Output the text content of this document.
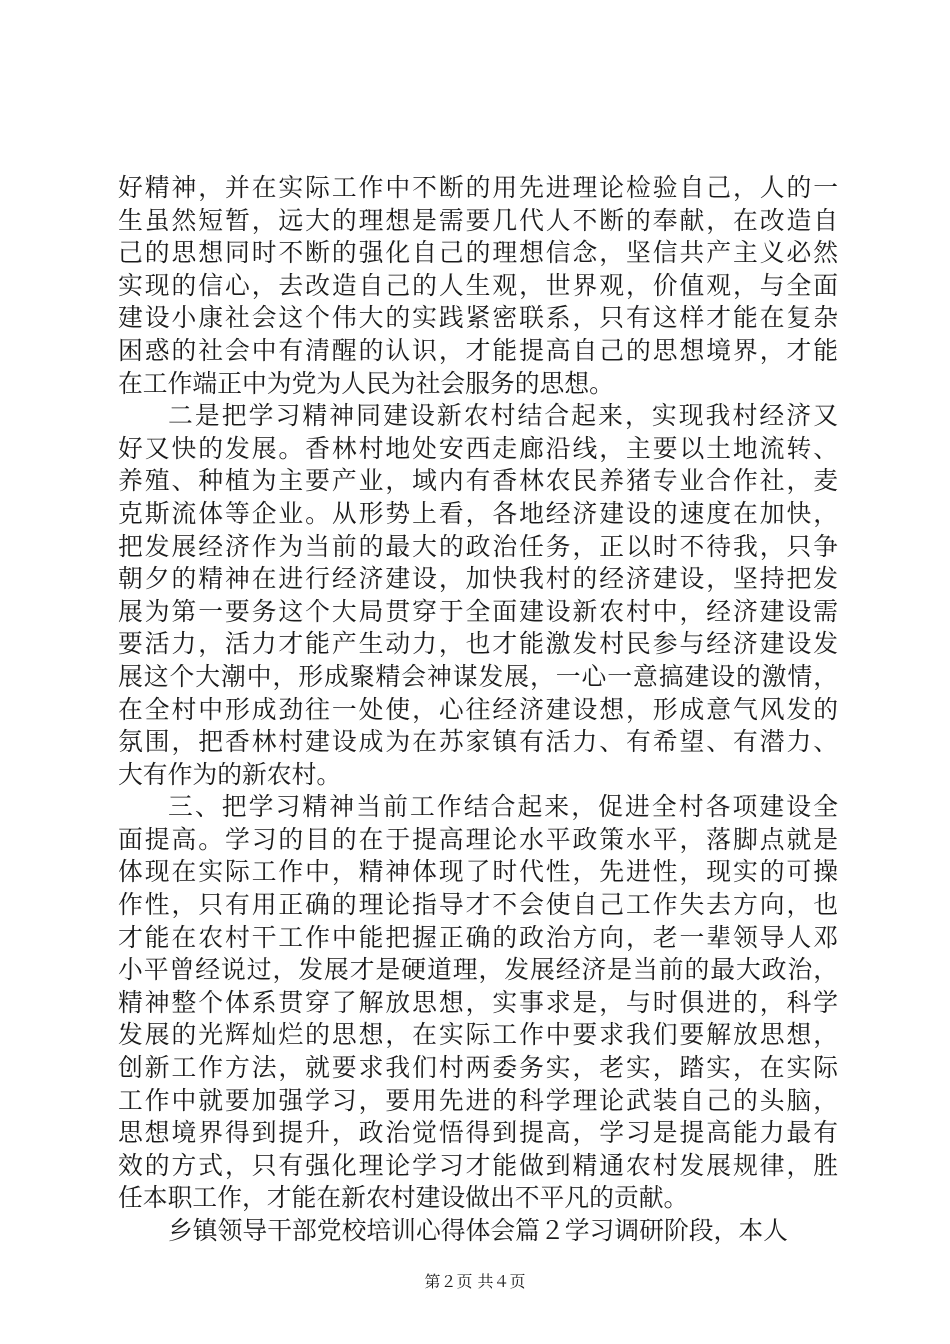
好精神，并在实际工作中不断的用先进理论检验自己，人的一
生虽然短暂，远大的理想是需要几代人不断的奉献，在改造自
己的思想同时不断的强化自己的理想信念，坚信共产主义必然
实现的信心，去改造自己的人生观，世界观，价值观，与全面
建设小康社会这个伟大的实践紧密联系，只有这样才能在复杂
困惑的社会中有清醒的认识，才能提高自己的思想境界，才能
在工作端正中为党为人民为社会服务的思想。
二是把学习精神同建设新农村结合起来，实现我村经济又
好又快的发展。香林村地处安西走廊沿线，主要以土地流转、
养殖、种植为主要产业，域内有香林农民养猪专业合作社，麦
克斯流体等企业。从形势上看，各地经济建设的速度在加快，
把发展经济作为当前的最大的政治任务，正以时不待我，只争
朝夕的精神在进行经济建设，加快我村的经济建设，坚持把发
展为第一要务这个大局贯穿于全面建设新农村中，经济建设需
要活力，活力才能产生动力，也才能激发村民参与经济建设发
展这个大潮中，形成聚精会神谋发展，一心一意搞建设的激情，
在全村中形成劲往一处使，心往经济建设想，形成意气风发的
氛围，把香林村建设成为在苏家镇有活力、有希望、有潜力、
大有作为的新农村。
三、把学习精神当前工作结合起来，促进全村各项建设全
面提高。学习的目的在于提高理论水平政策水平，落脚点就是
体现在实际工作中，精神体现了时代性，先进性，现实的可操
作性，只有用正确的理论指导才不会使自己工作失去方向，也
才能在农村干工作中能把握正确的政治方向，老一辈领导人邓
小平曾经说过，发展才是硬道理，发展经济是当前的最大政治，
精神整个体系贯穿了解放思想，实事求是，与时俱进的，科学
发展的光辉灿烂的思想，在实际工作中要求我们要解放思想，
创新工作方法，就要求我们村两委务实，老实，踏实，在实际
工作中就要加强学习，要用先进的科学理论武装自己的头脑，
思想境界得到提升，政治觉悟得到提高，学习是提高能力最有
效的方式，只有强化理论学习才能做到精通农村发展规律，胜
任本职工作，才能在新农村建设做出不平凡的贡献。
乡镇领导干部党校培训心得体会篇２学习调研阶段，本人
第２页 共４页
